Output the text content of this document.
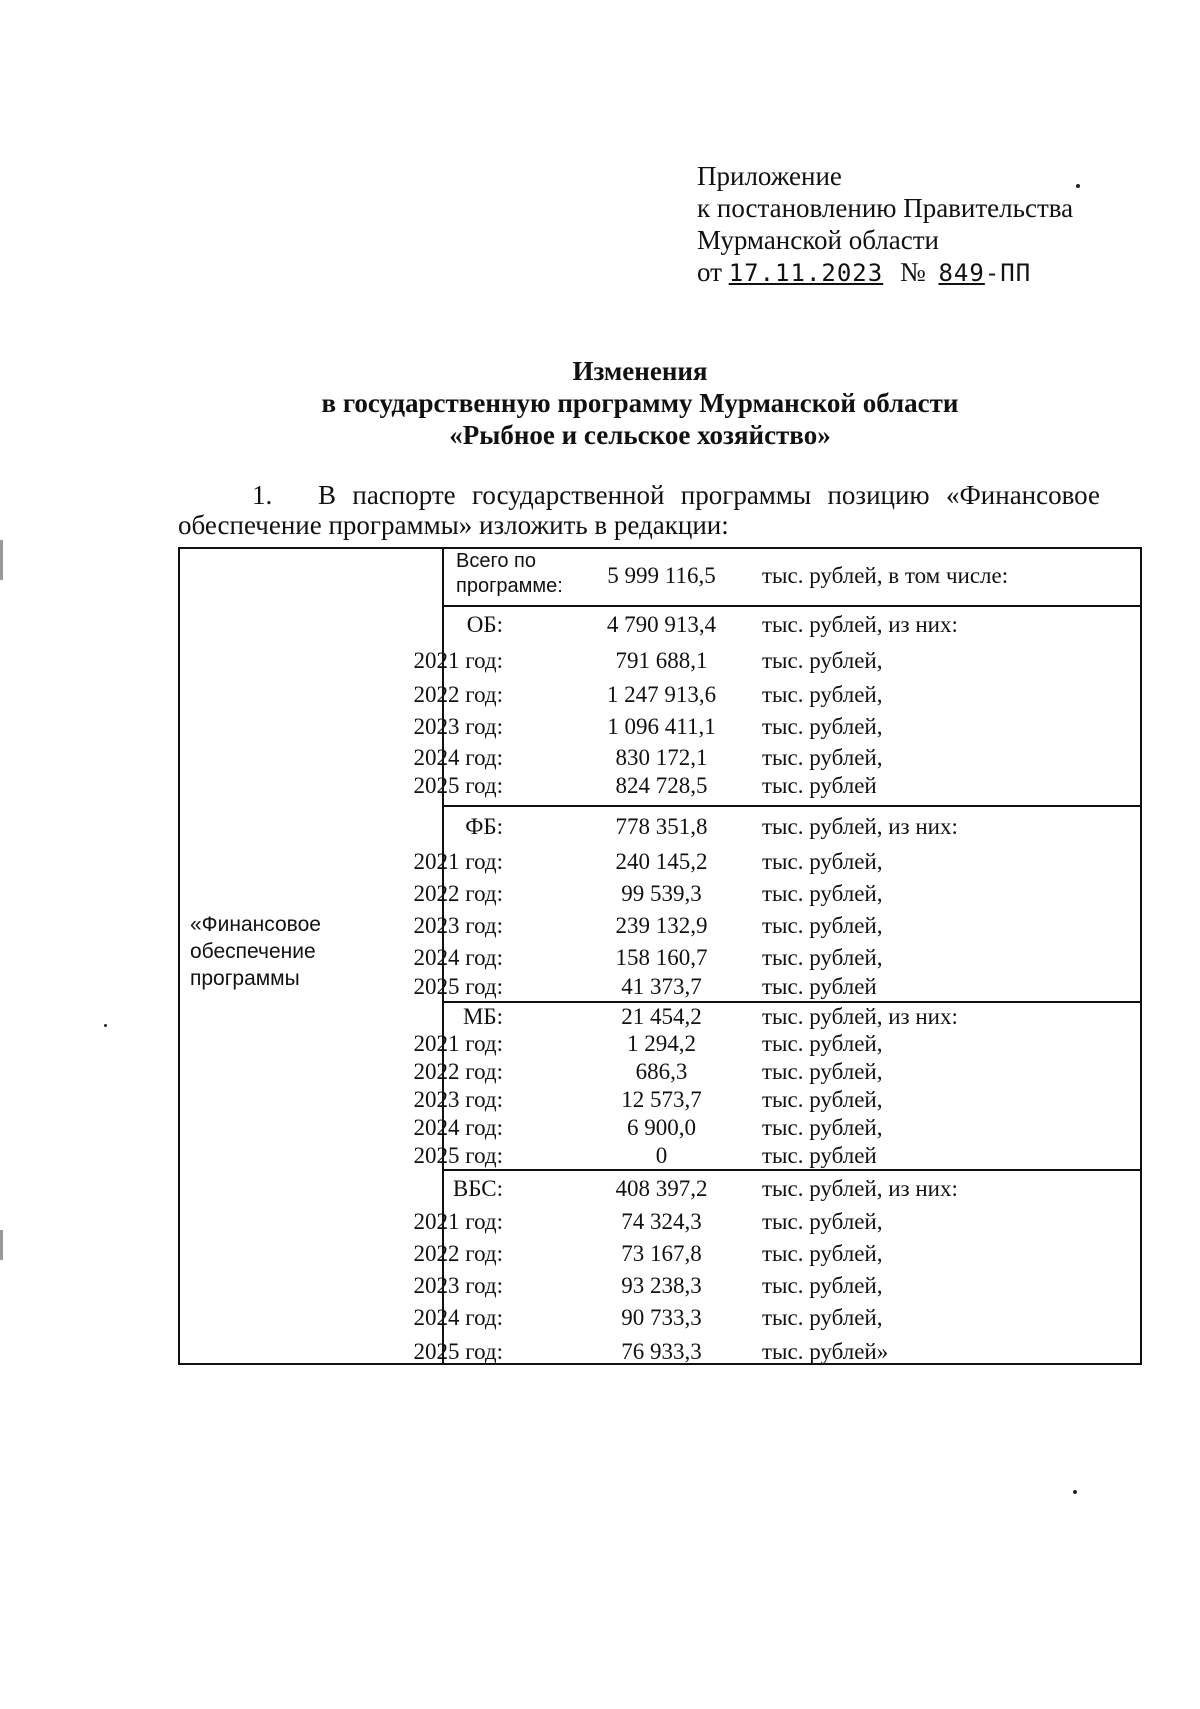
Приложение
к постановлению Правительства
Мурманской области
от 17.11.2023 № 849-ПП
Изменения
в государственную программу Мурманской области
«Рыбное и сельское хозяйство»
1. В паспорте государственной программы позицию «Финансовое
обеспечение программы» изложить в редакции:
«Финансовое
обеспечение
программы
Всего по
программе:	5 999 116,5	тыс. рублей, в том числе:
ОБ:	4 790 913,4	тыс. рублей, из них:
2021 год:	791 688,1	тыс. рублей,
2022 год:	1 247 913,6	тыс. рублей,
2023 год:	1 096 411,1	тыс. рублей,
2024 год:	830 172,1	тыс. рублей,
2025 год:	824 728,5	тыс. рублей
ФБ:	778 351,8	тыс. рублей, из них:
2021 год:	240 145,2	тыс. рублей,
2022 год:	99 539,3	тыс. рублей,
2023 год:	239 132,9	тыс. рублей,
2024 год:	158 160,7	тыс. рублей,
2025 год:	41 373,7	тыс. рублей
МБ:	21 454,2	тыс. рублей, из них:
2021 год:	1 294,2	тыс. рублей,
2022 год:	686,3	тыс. рублей,
2023 год:	12 573,7	тыс. рублей,
2024 год:	6 900,0	тыс. рублей,
2025 год:	0	тыс. рублей
ВБС:	408 397,2	тыс. рублей, из них:
2021 год:	74 324,3	тыс. рублей,
2022 год:	73 167,8	тыс. рублей,
2023 год:	93 238,3	тыс. рублей,
2024 год:	90 733,3	тыс. рублей,
2025 год:	76 933,3	тыс. рублей»
